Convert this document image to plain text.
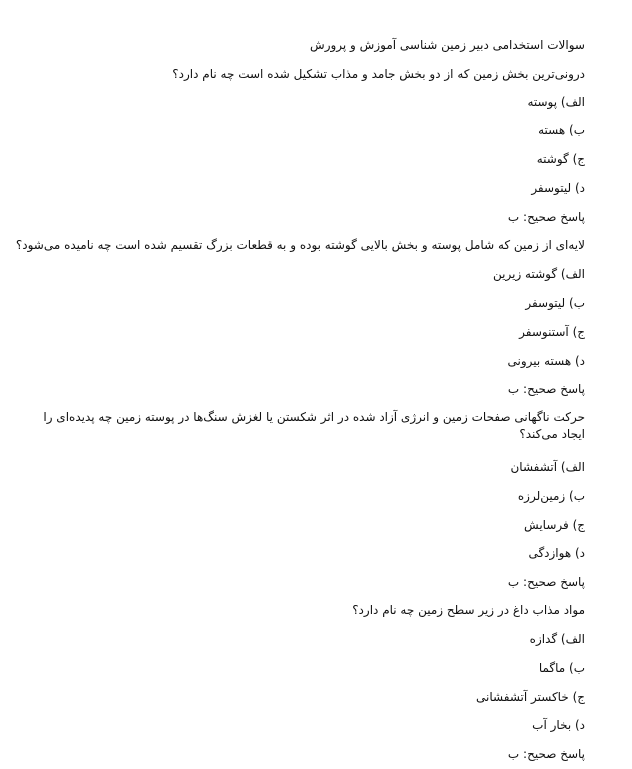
سوالات استخدامی دبیر زمین شناسی آموزش و پرورش
درونی‌ترین بخش زمین که از دو بخش جامد و مذاب تشکیل شده است چه نام دارد؟
الف) پوسته
ب) هسته
ج) گوشته
د) لیتوسفر
پاسخ صحیح: ب
لایه‌ای از زمین که شامل پوسته و بخش بالایی گوشته بوده و به قطعات بزرگ تقسیم شده است چه نامیده می‌شود؟
الف) گوشته زیرین
ب) لیتوسفر
ج) آستنوسفر
د) هسته بیرونی
پاسخ صحیح: ب
حرکت ناگهانی صفحات زمین و انرژی آزاد شده در اثر شکستن یا لغزش سنگ‌ها در پوسته زمین چه پدیده‌ای را ایجاد می‌کند؟
الف) آتشفشان
ب) زمین‌لرزه
ج) فرسایش
د) هوازدگی
پاسخ صحیح: ب
مواد مذاب داغ در زیر سطح زمین چه نام دارد؟
الف) گدازه
ب) ماگما
ج) خاکستر آتشفشانی
د) بخار آب
پاسخ صحیح: ب
